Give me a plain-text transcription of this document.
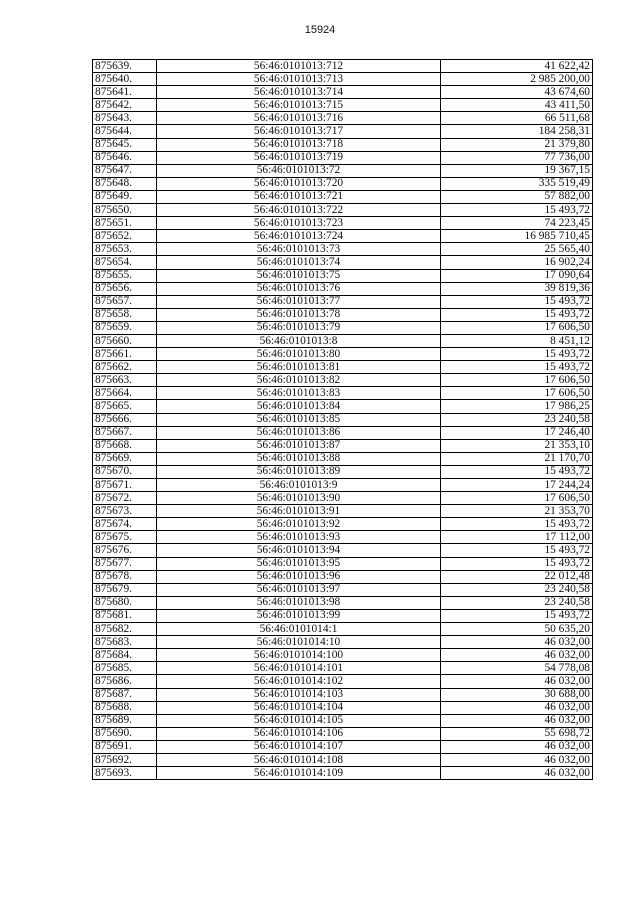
15924
875639.	56:46:0101013:712	41 622,42
875640.	56:46:0101013:713	2 985 200,00
875641.	56:46:0101013:714	43 674,60
875642.	56:46:0101013:715	43 411,50
875643.	56:46:0101013:716	66 511,68
875644.	56:46:0101013:717	184 258,31
875645.	56:46:0101013:718	21 379,80
875646.	56:46:0101013:719	77 736,00
875647.	56:46:0101013:72	19 367,15
875648.	56:46:0101013:720	335 519,49
875649.	56:46:0101013:721	57 882,00
875650.	56:46:0101013:722	15 493,72
875651.	56:46:0101013:723	74 223,45
875652.	56:46:0101013:724	16 985 710,45
875653.	56:46:0101013:73	25 565,40
875654.	56:46:0101013:74	16 902,24
875655.	56:46:0101013:75	17 090,64
875656.	56:46:0101013:76	39 819,36
875657.	56:46:0101013:77	15 493,72
875658.	56:46:0101013:78	15 493,72
875659.	56:46:0101013:79	17 606,50
875660.	56:46:0101013:8	8 451,12
875661.	56:46:0101013:80	15 493,72
875662.	56:46:0101013:81	15 493,72
875663.	56:46:0101013:82	17 606,50
875664.	56:46:0101013:83	17 606,50
875665.	56:46:0101013:84	17 986,25
875666.	56:46:0101013:85	23 240,58
875667.	56:46:0101013:86	17 246,40
875668.	56:46:0101013:87	21 353,10
875669.	56:46:0101013:88	21 170,70
875670.	56:46:0101013:89	15 493,72
875671.	56:46:0101013:9	17 244,24
875672.	56:46:0101013:90	17 606,50
875673.	56:46:0101013:91	21 353,70
875674.	56:46:0101013:92	15 493,72
875675.	56:46:0101013:93	17 112,00
875676.	56:46:0101013:94	15 493,72
875677.	56:46:0101013:95	15 493,72
875678.	56:46:0101013:96	22 012,48
875679.	56:46:0101013:97	23 240,58
875680.	56:46:0101013:98	23 240,58
875681.	56:46:0101013:99	15 493,72
875682.	56:46:0101014:1	50 635,20
875683.	56:46:0101014:10	46 032,00
875684.	56:46:0101014:100	46 032,00
875685.	56:46:0101014:101	54 778,08
875686.	56:46:0101014:102	46 032,00
875687.	56:46:0101014:103	30 688,00
875688.	56:46:0101014:104	46 032,00
875689.	56:46:0101014:105	46 032,00
875690.	56:46:0101014:106	55 698,72
875691.	56:46:0101014:107	46 032,00
875692.	56:46:0101014:108	46 032,00
875693.	56:46:0101014:109	46 032,00
